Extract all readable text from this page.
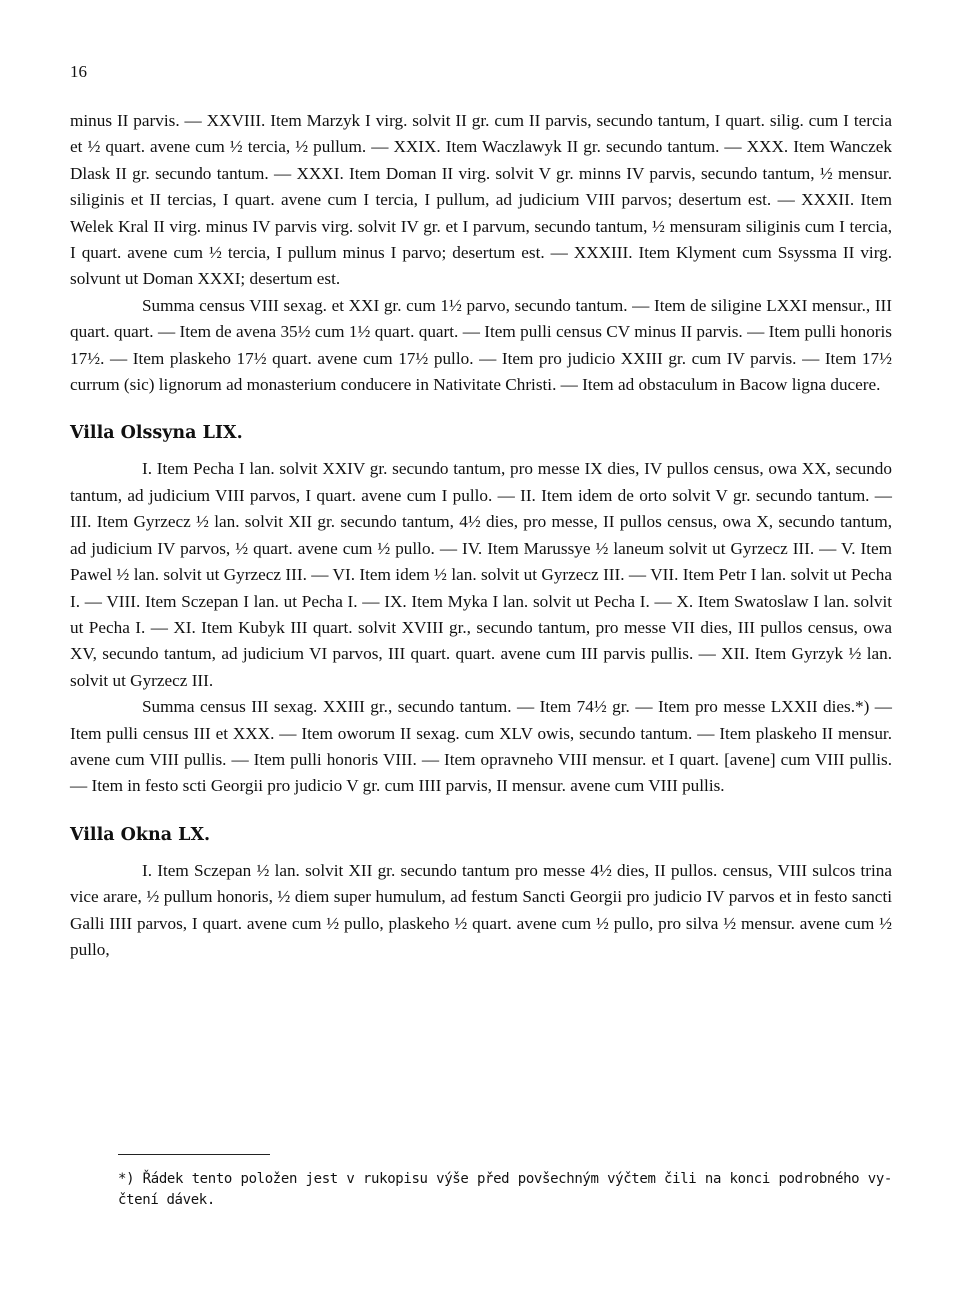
16

minus II parvis. — XXVIII. Item Marzyk I virg. solvit II gr. cum II parvis, secundo tantum, I quart. silig. cum I tercia et ½ quart. avene cum ½ tercia, ½ pullum. — XXIX. Item Waczlawyk II gr. secundo tantum. — XXX. Item Wanczek Dlask II gr. secundo tantum. — XXXI. Item Doman II virg. solvit V gr. minns IV parvis, secundo tantum, ½ mensur. siliginis et II tercias, I quart. avene cum I tercia, I pullum, ad judicium VIII parvos; desertum est. — XXXII. Item Welek Kral II virg. minus IV parvis virg. solvit IV gr. et I parvum, secundo tantum, ½ mensuram siliginis cum I tercia, I quart. avene cum ½ tercia, I pullum minus I parvo; desertum est. — XXXIII. Item Klyment cum Ssyssma II virg. solvunt ut Doman XXXI; desertum est.

Summa census VIII sexag. et XXI gr. cum 1½ parvo, secundo tantum. — Item de siligine LXXI mensur., III quart. quart. — Item de avena 35½ cum 1½ quart. quart. — Item pulli census CV minus II parvis. — Item pulli honoris 17½. — Item plaskeho 17½ quart. avene cum 17½ pullo. — Item pro judicio XXIII gr. cum IV parvis. — Item 17½ currum (sic) lignorum ad monasterium conducere in Nativitate Christi. — Item ad obstaculum in Bacow ligna ducere.

Villa Olssyna LIX.

I. Item Pecha I lan. solvit XXIV gr. secundo tantum, pro messe IX dies, IV pullos census, owa XX, secundo tantum, ad judicium VIII parvos, I quart. avene cum I pullo. — II. Item idem de orto solvit V gr. secundo tantum. — III. Item Gyrzecz ½ lan. solvit XII gr. secundo tantum, 4½ dies, pro messe, II pullos census, owa X, secundo tantum, ad judicium IV parvos, ½ quart. avene cum ½ pullo. — IV. Item Marussye ½ laneum solvit ut Gyrzecz III. — V. Item Pawel ½ lan. solvit ut Gyrzecz III. — VI. Item idem ½ lan. solvit ut Gyrzecz III. — VII. Item Petr I lan. solvit ut Pecha I. — VIII. Item Sczepan I lan. ut Pecha I. — IX. Item Myka I lan. solvit ut Pecha I. — X. Item Swatoslaw I lan. solvit ut Pecha I. — XI. Item Kubyk III quart. solvit XVIII gr., secundo tantum, pro messe VII dies, III pullos census, owa XV, secundo tantum, ad judicium VI parvos, III quart. quart. avene cum III parvis pullis. — XII. Item Gyrzyk ½ lan. solvit ut Gyrzecz III.

Summa census III sexag. XXIII gr., secundo tantum. — Item 74½ gr. — Item pro messe LXXII dies.*) — Item pulli census III et XXX. — Item oworum II sexag. cum XLV owis, secundo tantum. — Item plaskeho II mensur. avene cum VIII pullis. — Item pulli honoris VIII. — Item opravneho VIII mensur. et I quart. [avene] cum VIII pullis. — Item in festo scti Georgii pro judicio V gr. cum IIII parvis, II mensur. avene cum VIII pullis.

Villa Okna LX.

I. Item Sczepan ½ lan. solvit XII gr. secundo tantum pro messe 4½ dies, II pullos. census, VIII sulcos trina vice arare, ½ pullum honoris, ½ diem super humulum, ad festum Sancti Georgii pro judicio IV parvos et in festo sancti Galli IIII parvos, I quart. avene cum ½ pullo, plaskeho ½ quart. avene cum ½ pullo, pro silva ½ mensur. avene cum ½ pullo,

*) Řádek tento položen jest v rukopisu výše před povšechným výčtem čili na konci podrobného vy-čtení dávek.
